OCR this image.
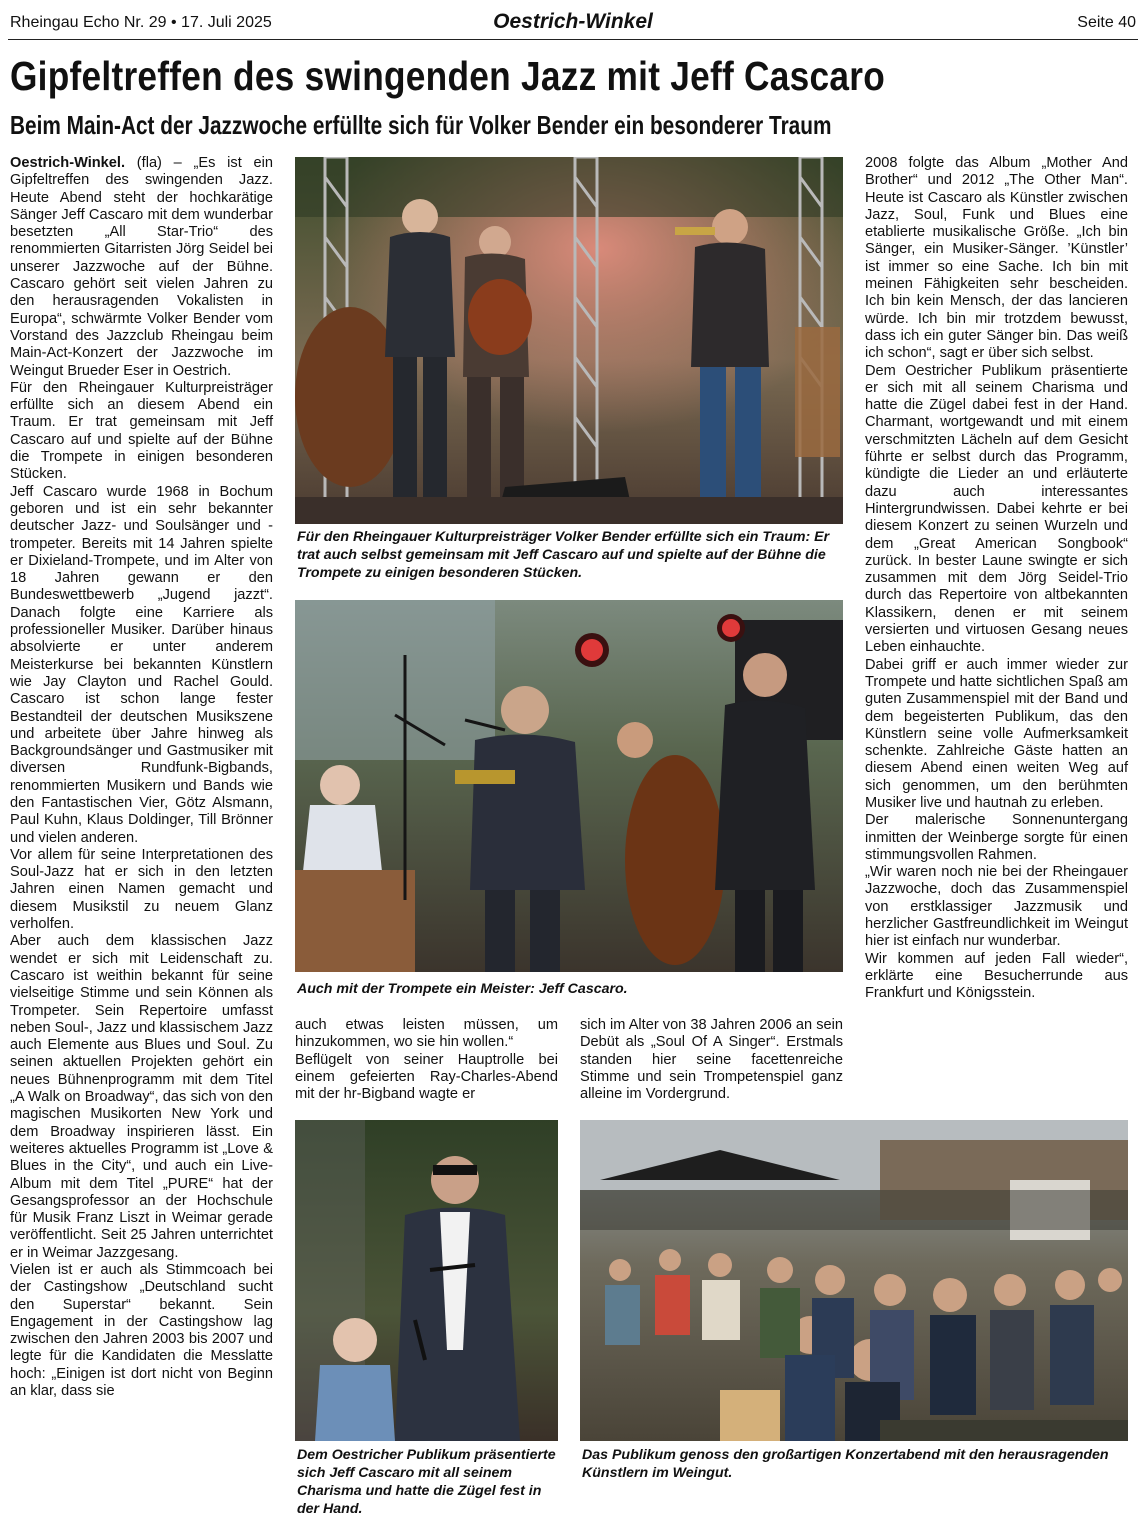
Rheingau Echo Nr. 29 • 17. Juli 2025	Oestrich-Winkel	Seite 40
Gipfeltreffen des swingenden Jazz mit Jeff Cascaro
Beim Main-Act der Jazzwoche erfüllte sich für Volker Bender ein besonderer Traum

Oestrich-Winkel. (fla) – „Es ist ein Gipfeltreffen des swingenden Jazz. Heute Abend steht der hochkarätige Sänger Jeff Cascaro mit dem wunderbar besetzten „All Star-Trio“ des renommierten Gitarristen Jörg Seidel bei unserer Jazzwoche auf der Bühne. Cascaro gehört seit vielen Jahren zu den herausragenden Vokalisten in Europa“, schwärmte Volker Bender vom Vorstand des Jazzclub Rheingau beim Main-Act-Konzert der Jazzwoche im Weingut Brueder Eser in Oestrich.

Für den Rheingauer Kulturpreisträger erfüllte sich an diesem Abend ein Traum. Er trat gemeinsam mit Jeff Cascaro auf und spielte auf der Bühne die Trompete in einigen besonderen Stücken.

Jeff Cascaro wurde 1968 in Bochum geboren und ist ein sehr bekannter deutscher Jazz- und Soulsänger und -trompeter. Bereits mit 14 Jahren spielte er Dixieland-Trompete, und im Alter von 18 Jahren gewann er den Bundeswettbewerb „Jugend jazzt“. Danach folgte eine Karriere als professioneller Musiker. Darüber hinaus absolvierte er unter anderem Meisterkurse bei bekannten Künstlern wie Jay Clayton und Rachel Gould. Cascaro ist schon lange fester Bestandteil der deutschen Musikszene und arbeitete über Jahre hinweg als Backgroundsänger und Gastmusiker mit diversen Rundfunk-Bigbands, renommierten Musikern und Bands wie den Fantastischen Vier, Götz Alsmann, Paul Kuhn, Klaus Doldinger, Till Brönner und vielen anderen.

Vor allem für seine Interpretationen des Soul-Jazz hat er sich in den letzten Jahren einen Namen gemacht und diesem Musikstil zu neuem Glanz verholfen.

Aber auch dem klassischen Jazz wendet er sich mit Leidenschaft zu. Cascaro ist weithin bekannt für seine vielseitige Stimme und sein Können als Trompeter. Sein Repertoire umfasst neben Soul-, Jazz und klassischem Jazz auch Elemente aus Blues und Soul. Zu seinen aktuellen Projekten gehört ein neues Bühnenprogramm mit dem Titel „A Walk on Broadway“, das sich von den magischen Musikorten New York und dem Broadway inspirieren lässt. Ein weiteres aktuelles Programm ist „Love & Blues in the City“, und auch ein Live-Album mit dem Titel „PURE“ hat der Gesangsprofessor an der Hochschule für Musik Franz Liszt in Weimar gerade veröffentlicht. Seit 25 Jahren unterrichtet er in Weimar Jazzgesang.

Vielen ist er auch als Stimmcoach bei der Castingshow „Deutschland sucht den Superstar“ bekannt. Sein Engagement in der Castingshow lag zwischen den Jahren 2003 bis 2007 und legte für die Kandidaten die Messlatte hoch: „Einigen ist dort nicht von Beginn an klar, dass sie

Für den Rheingauer Kulturpreisträger Volker Bender erfüllte sich ein Traum: Er trat auch selbst gemeinsam mit Jeff Cascaro auf und spielte auf der Bühne die Trompete zu einigen besonderen Stücken.
Auch mit der Trompete ein Meister: Jeff Cascaro.

auch etwas leisten müssen, um hinzukommen, wo sie hin wollen.“

Beflügelt von seiner Hauptrolle bei einem gefeierten Ray-Charles-Abend mit der hr-Bigband wagte er

sich im Alter von 38 Jahren 2006 an sein Debüt als „Soul Of A Singer“. Erstmals standen hier seine facettenreiche Stimme und sein Trompetenspiel ganz alleine im Vordergrund.

2008 folgte das Album „Mother And Brother“ und 2012 „The Other Man“. Heute ist Cascaro als Künstler zwischen Jazz, Soul, Funk und Blues eine etablierte musikalische Größe. „Ich bin Sänger, ein Musiker-Sänger. ’Künstler’ ist immer so eine Sache. Ich bin mit meinen Fähigkeiten sehr bescheiden. Ich bin kein Mensch, der das lancieren würde. Ich bin mir trotzdem bewusst, dass ich ein guter Sänger bin. Das weiß ich schon“, sagt er über sich selbst.

Dem Oestricher Publikum präsentierte er sich mit all seinem Charisma und hatte die Zügel dabei fest in der Hand. Charmant, wortgewandt und mit einem verschmitzten Lächeln auf dem Gesicht führte er selbst durch das Programm, kündigte die Lieder an und erläuterte dazu auch interessantes Hintergrundwissen. Dabei kehrte er bei diesem Konzert zu seinen Wurzeln und dem „Great American Songbook“ zurück. In bester Laune swingte er sich zusammen mit dem Jörg Seidel-Trio durch das Repertoire von altbekannten Klassikern, denen er mit seinem versierten und virtuosen Gesang neues Leben einhauchte.

Dabei griff er auch immer wieder zur Trompete und hatte sichtlichen Spaß am guten Zusammenspiel mit der Band und dem begeisterten Publikum, das den Künstlern seine volle Aufmerksamkeit schenkte. Zahlreiche Gäste hatten an diesem Abend einen weiten Weg auf sich genommen, um den berühmten Musiker live und hautnah zu erleben.

Der malerische Sonnenuntergang inmitten der Weinberge sorgte für einen stimmungsvollen Rahmen.

„Wir waren noch nie bei der Rheingauer Jazzwoche, doch das Zusammenspiel von erstklassiger Jazzmusik und herzlicher Gastfreundlichkeit im Weingut hier ist einfach nur wunderbar.

Wir kommen auf jeden Fall wieder“, erklärte eine Besucherrunde aus Frankfurt und Königsstein.

Dem Oestricher Publikum präsentierte sich Jeff Cascaro mit all seinem Charisma und hatte die Zügel fest in der Hand.
Das Publikum genoss den großartigen Konzertabend mit den herausragenden Künstlern im Weingut.
